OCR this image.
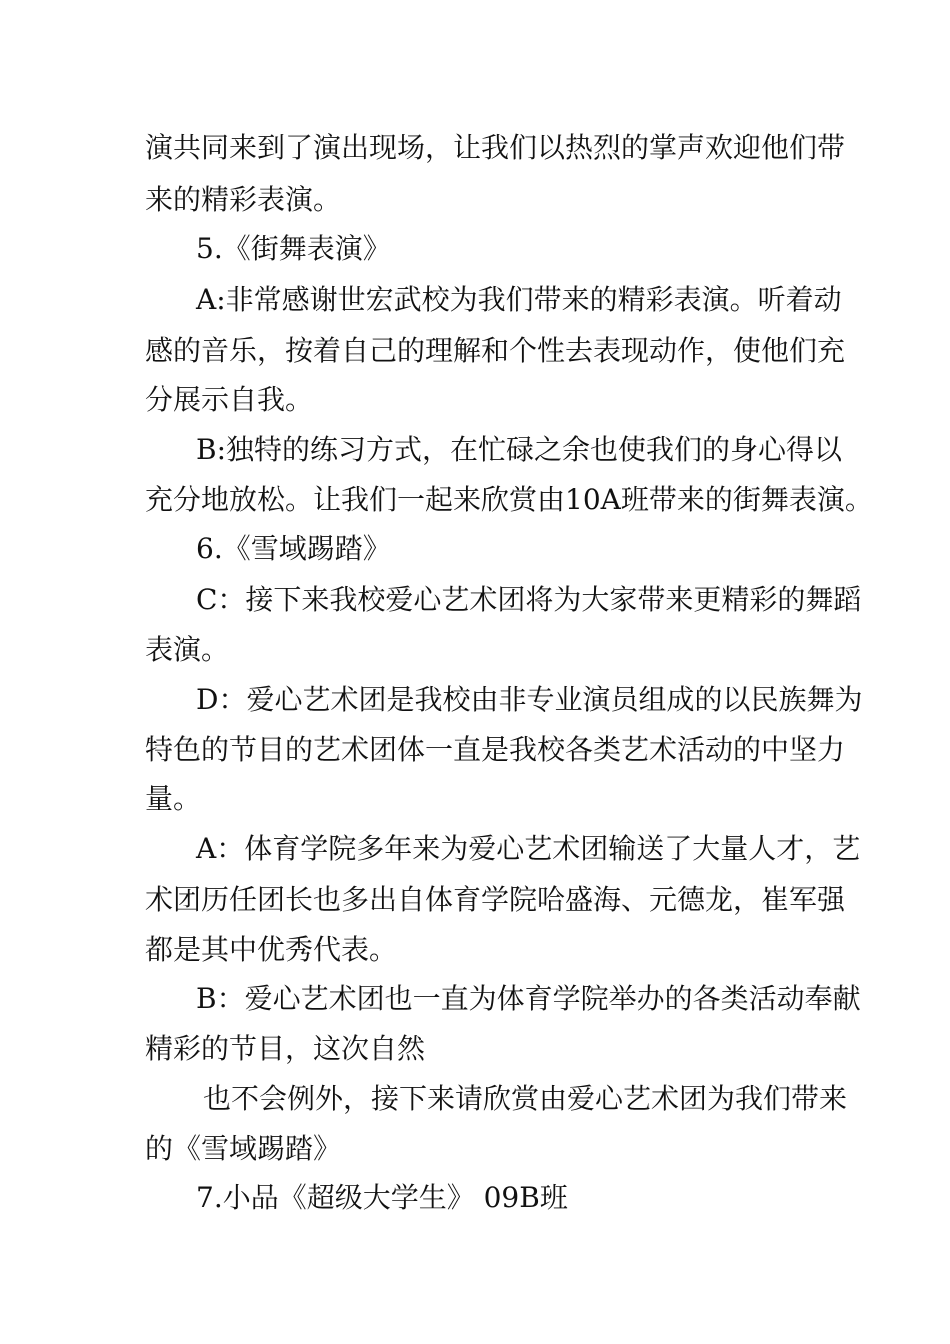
演共同来到了演出现场，让我们以热烈的掌声欢迎他们带
来的精彩表演。
5.《街舞表演》
A:非常感谢世宏武校为我们带来的精彩表演。听着动
感的音乐，按着自己的理解和个性去表现动作，使他们充
分展示自我。
B:独特的练习方式，在忙碌之余也使我们的身心得以
充分地放松。让我们一起来欣赏由10A班带来的街舞表演。
6.《雪域踢踏》
C：接下来我校爱心艺术团将为大家带来更精彩的舞蹈
表演。
D：爱心艺术团是我校由非专业演员组成的以民族舞为
特色的节目的艺术团体一直是我校各类艺术活动的中坚力
量。
A：体育学院多年来为爱心艺术团输送了大量人才，艺
术团历任团长也多出自体育学院哈盛海、元德龙，崔军强
都是其中优秀代表。
B：爱心艺术团也一直为体育学院举办的各类活动奉献
精彩的节目，这次自然
也不会例外，接下来请欣赏由爱心艺术团为我们带来
的《雪域踢踏》
7.小品《超级大学生》 09B班
